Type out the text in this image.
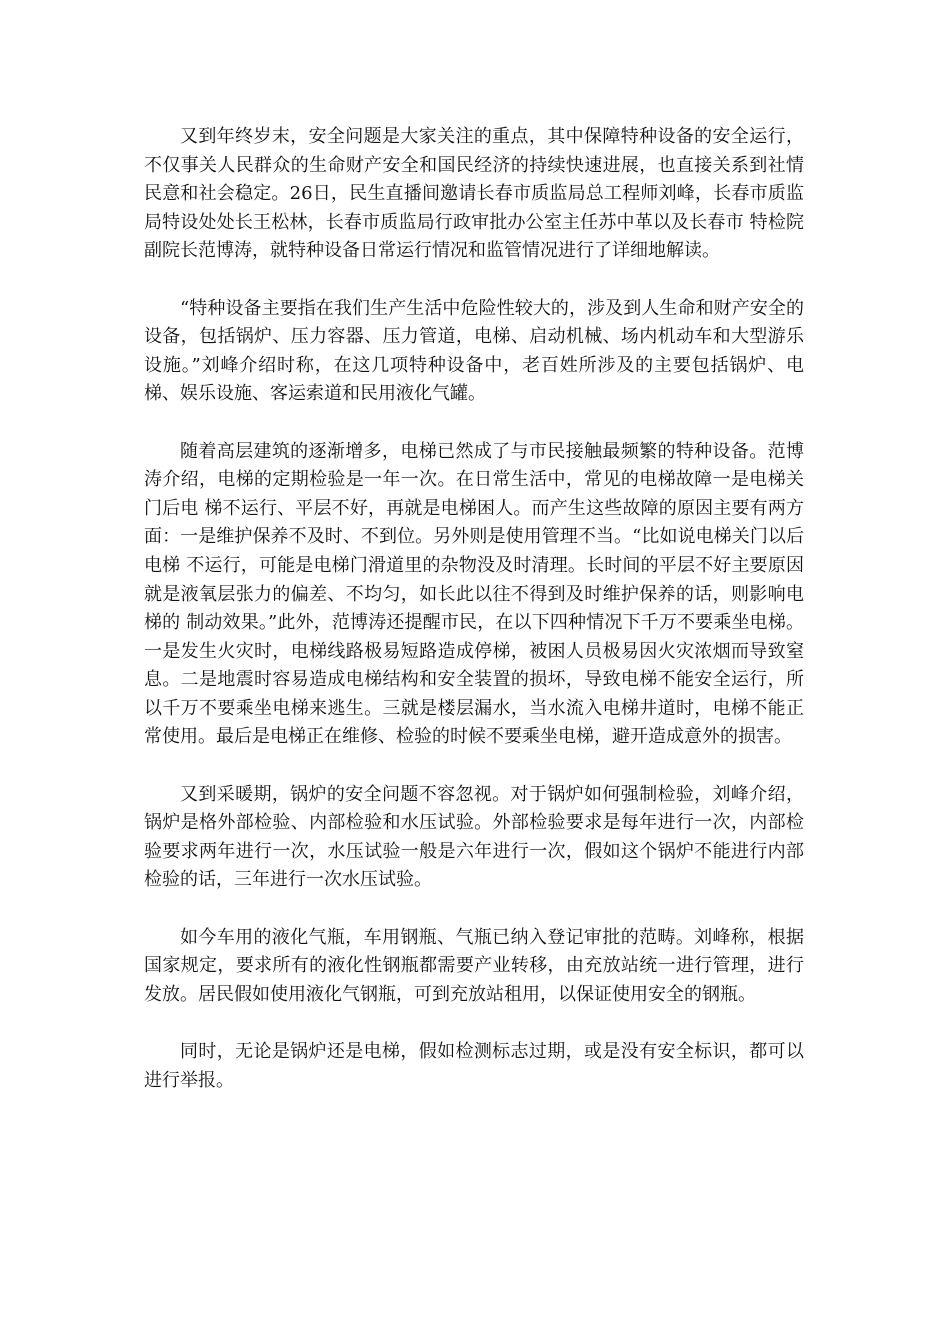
又到年终岁末，安全问题是大家关注的重点，其中保障特种设备的安全运行，不仅事关人民群众的生命财产安全和国民经济的持续快速进展，也直接关系到社情民意和社会稳定。26日，民生直播间邀请长春市质监局总工程师刘峰，长春市质监局特设处处长王松林，长春市质监局行政审批办公室主任苏中革以及长春市 特检院副院长范博涛，就特种设备日常运行情况和监管情况进行了详细地解读。

“特种设备主要指在我们生产生活中危险性较大的，涉及到人生命和财产安全的设备，包括锅炉、压力容器、压力管道，电梯、启动机械、场内机动车和大型游乐设施。”刘峰介绍时称，在这几项特种设备中，老百姓所涉及的主要包括锅炉、电梯、娱乐设施、客运索道和民用液化气罐。

随着高层建筑的逐渐增多，电梯已然成了与市民接触最频繁的特种设备。范博涛介绍，电梯的定期检验是一年一次。在日常生活中，常见的电梯故障一是电梯关门后电 梯不运行、平层不好，再就是电梯困人。而产生这些故障的原因主要有两方面：一是维护保养不及时、不到位。另外则是使用管理不当。“比如说电梯关门以后电梯 不运行，可能是电梯门滑道里的杂物没及时清理。长时间的平层不好主要原因就是液氧层张力的偏差、不均匀，如长此以往不得到及时维护保养的话，则影响电梯的 制动效果。”此外，范博涛还提醒市民，在以下四种情况下千万不要乘坐电梯。一是发生火灾时，电梯线路极易短路造成停梯，被困人员极易因火灾浓烟而导致窒 息。二是地震时容易造成电梯结构和安全装置的损坏，导致电梯不能安全运行，所以千万不要乘坐电梯来逃生。三就是楼层漏水，当水流入电梯井道时，电梯不能正 常使用。最后是电梯正在维修、检验的时候不要乘坐电梯，避开造成意外的损害。

又到采暖期，锅炉的安全问题不容忽视。对于锅炉如何强制检验，刘峰介绍，锅炉是格外部检验、内部检验和水压试验。外部检验要求是每年进行一次，内部检验要求两年进行一次，水压试验一般是六年进行一次，假如这个锅炉不能进行内部检验的话，三年进行一次水压试验。

如今车用的液化气瓶，车用钢瓶、气瓶已纳入登记审批的范畴。刘峰称，根据国家规定，要求所有的液化性钢瓶都需要产业转移，由充放站统一进行管理，进行发放。居民假如使用液化气钢瓶，可到充放站租用，以保证使用安全的钢瓶。

同时，无论是锅炉还是电梯，假如检测标志过期，或是没有安全标识，都可以进行举报。
